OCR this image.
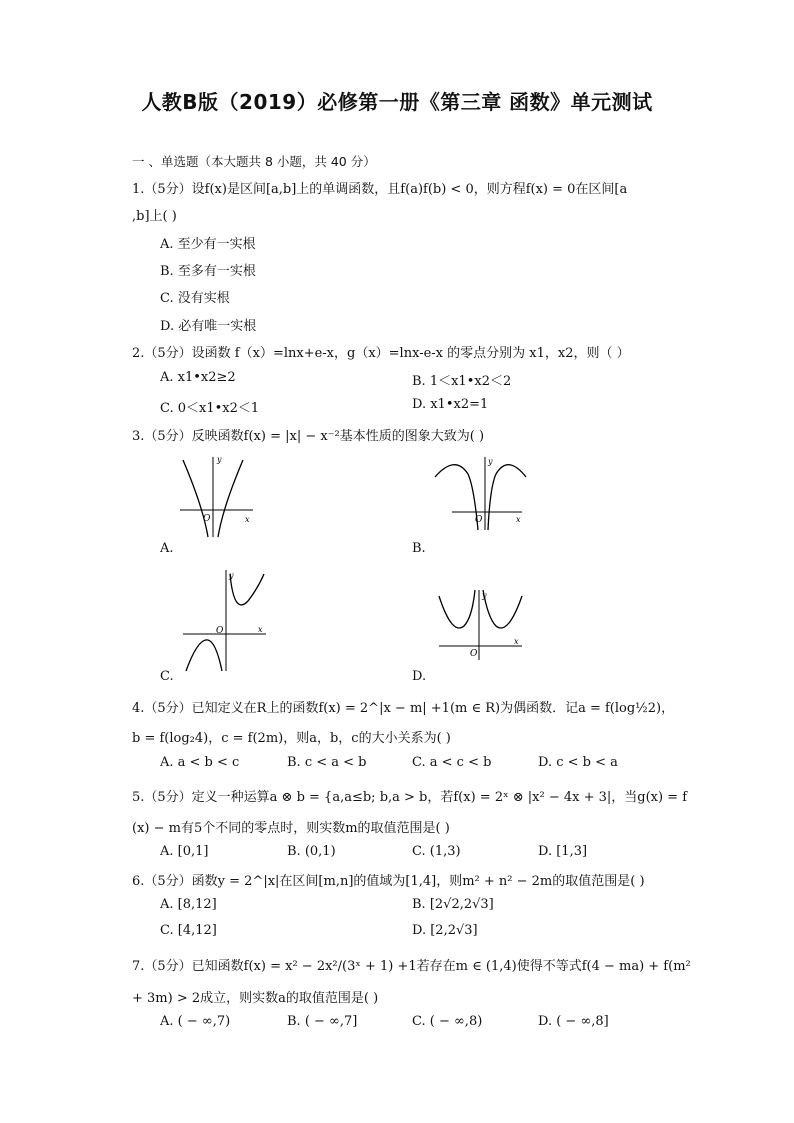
人教B版（2019）必修第一册《第三章 函数》单元测试
一 、单选题（本大题共 8 小题，共 40 分）
1.（5分）设f(x)是区间[a,b]上的单调函数，且f(a)f(b) < 0，则方程f(x) = 0在区间[a
,b]上( )
A. 至少有一实根
B. 至多有一实根
C. 没有实根
D. 必有唯一实根
2.（5分）设函数 f（x）=lnx+e-x，g（x）=lnx-e-x 的零点分别为 x1，x2，则（ ）
A. x1•x2≥2	B. 1＜x1•x2＜2
C. 0＜x1•x2＜1	D. x1•x2=1
3.（5分）反映函数f(x) = |x| − x⁻²基本性质的图象大致为( )
y
x
O
A.
y
x
O
B.
y
x
O
C.
y
x
O
D.
4.（5分）已知定义在R上的函数f(x) = 2^|x − m| +1(m ∈ R)为偶函数．记a = f(log½2)，
b = f(log₂4)，c = f(2m)，则a，b，c的大小关系为( )
A. a < b < c	B. c < a < b	C. a < c < b	D. c < b < a
5.（5分）定义一种运算a ⊗ b = {a,a≤b; b,a > b，若f(x) = 2ˣ ⊗ |x² − 4x + 3|，当g(x) = f
(x) − m有5个不同的零点时，则实数m的取值范围是( )
A. [0,1]	B. (0,1)	C. (1,3)	D. [1,3]
6.（5分）函数y = 2^|x|在区间[m,n]的值域为[1,4]，则m² + n² − 2m的取值范围是( )
A. [8,12]	B. [2√2,2√3]
C. [4,12]	D. [2,2√3]
7.（5分）已知函数f(x) = x² − 2x²/(3ˣ + 1) +1若存在m ∈ (1,4)使得不等式f(4 − ma) + f(m²
+ 3m) > 2成立，则实数a的取值范围是( )
A. ( − ∞,7)	B. ( − ∞,7]	C. ( − ∞,8)	D. ( − ∞,8]
